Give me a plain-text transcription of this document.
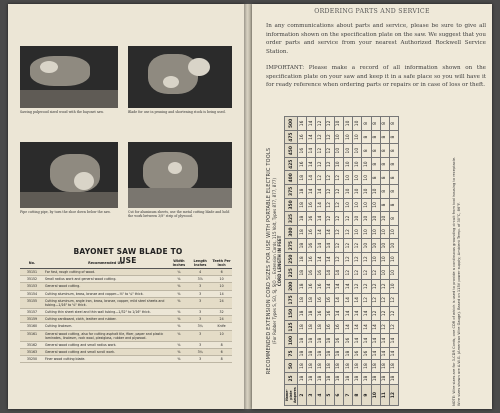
Sawing pulpwood sized wood with the bayonet saw.	Blade for use in pruning and shortening stock is being used.
Pipe cutting pipe, by turn the shoe down below the saw.	Cut for aluminum sheets, use the metal cutting blade and hold the work between 3/8" strip of plywood.
BAYONET SAW BLADE TO USE
No.	Recommended Use	Width Inches	Length Inches	Teeth Per Inch
35151	For fast, rough cutting of wood.	¼	4	6
35152	Small radius work and general wood cutting.	⅛	3⅞	10
35153	General wood cutting.	⅜	3	10
35154	Cutting aluminum, brass, bronze and copper—⅛" to ¼" thick.	⅜	3	14
35155	Cutting aluminum, angle iron, brass, bronze, copper, mild steel sheets and tubing—1/16" to ⅛" thick.	⅜	3	24
35157	Cutting thin sheet steel and thin wall tubing—1/32" to 1/16" thick.	⅜	3	32
35159	Cutting cardboard, cloth, leather and rubber.	⅜	3	24
35160	Cutting linoleum.	⅜	3¼	Knife
35161	General wood cutting, also for cutting asphalt tile, fiber, paper and plastic laminates, linoleum, rock wool, plexiglass, rubber and plywood.	⅛	3	10
35162	General wood cutting and small radius work.	⅛	3	8
35163	General wood cutting and small scroll work.	⅜	3¼	6
35250	Finer wood cutting blade.	⅜	3	8
ORDERING PARTS AND SERVICE
In any communications about parts and service, please be sure to give all information shown on the specification plate on the saw. We suggest that you order parts and service from your nearest Authorized Rockwell Service Station.
IMPORTANT: Please make a record of all information shown on the specification plate on your saw and keep it in a safe place so you will have it for ready reference when ordering parts or repairs or in case of loss or theft.
RECOMMENDED EXTENSION CORD SIZES FOR USE WITH PORTABLE ELECTRIC TOOLS (For Rubber Types S, SO, SJ, SJO ... Extension Cords, 115 Volt, Types 877, 877, 877) CORD LENGTH IN FEET
Name-plate Amperes	25	50	75	100	125	150	175	200	225	250	275	300	325	350	375	400	425	450	475	500
2	18	18	18	18	18	18	18	18	18	18	18	18	18	18	18	18	16	16	16	16
3	18	18	18	18	18	18	18	16	16	16	16	16	16	16	14	14	14	14	14	14
4	18	18	18	18	18	16	16	16	16	14	14	14	14	14	14	12	12	12	12	12
5	18	18	18	18	16	16	16	14	14	14	14	14	12	12	12	12	12	12	12	12
6	18	18	18	16	16	14	14	14	14	12	12	12	12	12	12	12	10	10	10	10
7	18	18	18	16	14	14	14	14	12	12	12	12	12	10	10	10	10	10	10	10
8	18	18	16	14	14	14	14	12	12	12	12	10	10	10	10	10	10	10	10	10
9	18	18	16	14	14	14	12	12	12	12	10	10	10	10	10	10	10	8	8	8
10	18	18	14	14	14	12	12	12	12	10	10	10	10	10	10	8	8	8	8	8
11	18	18	14	14	12	12	12	12	10	10	10	10	10	8	8	8	8	8	8	8
12	18	18	14	14	12	12	12	10	10	10	10	10	8	8	8	8	8	8	8	8
NOTE: Wire sizes are for 3-CDR Cords, one CDR of which is used to provide a continuous grounding circuit from tool housing to receptacle. Wire sizes shown are A.W.G. (American Wire Gauge). Based on 115V power supply; Ambient Temp. of 30°C, 86°F.
